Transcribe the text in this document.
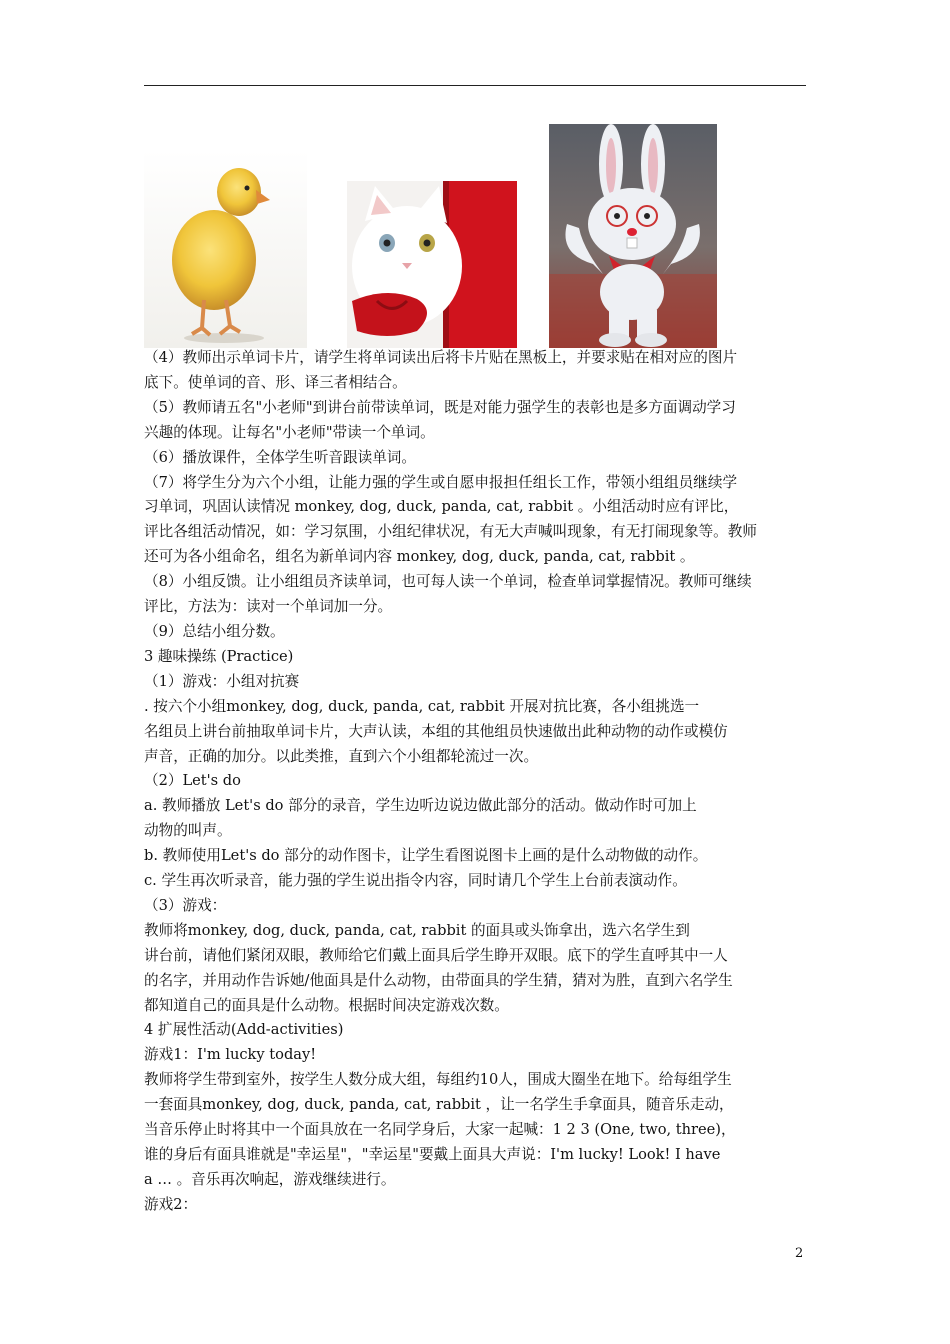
（4）教师出示单词卡片，请学生将单词读出后将卡片贴在黑板上，并要求贴在相对应的图片

底下。使单词的音、形、译三者相结合。

（5）教师请五名"小老师"到讲台前带读单词，既是对能力强学生的表彰也是多方面调动学习

兴趣的体现。让每名"小老师"带读一个单词。

（6）播放课件，全体学生听音跟读单词。

（7）将学生分为六个小组，让能力强的学生或自愿申报担任组长工作，带领小组组员继续学

习单词，巩固认读情况 monkey, dog, duck, panda, cat, rabbit 。小组活动时应有评比，

评比各组活动情况，如：学习氛围，小组纪律状况，有无大声喊叫现象，有无打闹现象等。教师

还可为各小组命名，组名为新单词内容 monkey, dog, duck, panda, cat, rabbit 。

（8）小组反馈。让小组组员齐读单词，也可每人读一个单词，检查单词掌握情况。教师可继续

评比，方法为：读对一个单词加一分。

（9）总结小组分数。

3 趣味操练 (Practice)

（1）游戏：小组对抗赛

. 按六个小组monkey, dog, duck, panda, cat, rabbit 开展对抗比赛，各小组挑选一

名组员上讲台前抽取单词卡片，大声认读，本组的其他组员快速做出此种动物的动作或模仿

声音，正确的加分。以此类推，直到六个小组都轮流过一次。

（2）Let's do

a. 教师播放 Let's do 部分的录音，学生边听边说边做此部分的活动。做动作时可加上

动物的叫声。

b. 教师使用Let's do 部分的动作图卡，让学生看图说图卡上画的是什么动物做的动作。

c. 学生再次听录音，能力强的学生说出指令内容，同时请几个学生上台前表演动作。

（3）游戏：

教师将monkey, dog, duck, panda, cat, rabbit 的面具或头饰拿出，选六名学生到

讲台前，请他们紧闭双眼，教师给它们戴上面具后学生睁开双眼。底下的学生直呼其中一人

的名字，并用动作告诉她/他面具是什么动物，由带面具的学生猜，猜对为胜，直到六名学生

都知道自己的面具是什么动物。根据时间决定游戏次数。

4 扩展性活动(Add-activities)

游戏1：I'm lucky today!

教师将学生带到室外，按学生人数分成大组，每组约10人，围成大圈坐在地下。给每组学生

一套面具monkey, dog, duck, panda, cat, rabbit ，让一名学生手拿面具，随音乐走动，

当音乐停止时将其中一个面具放在一名同学身后，大家一起喊：1 2 3 (One, two, three)，

谁的身后有面具谁就是"幸运星"，"幸运星"要戴上面具大声说：I'm lucky! Look! I have

a … 。音乐再次响起，游戏继续进行。

游戏2：

2
